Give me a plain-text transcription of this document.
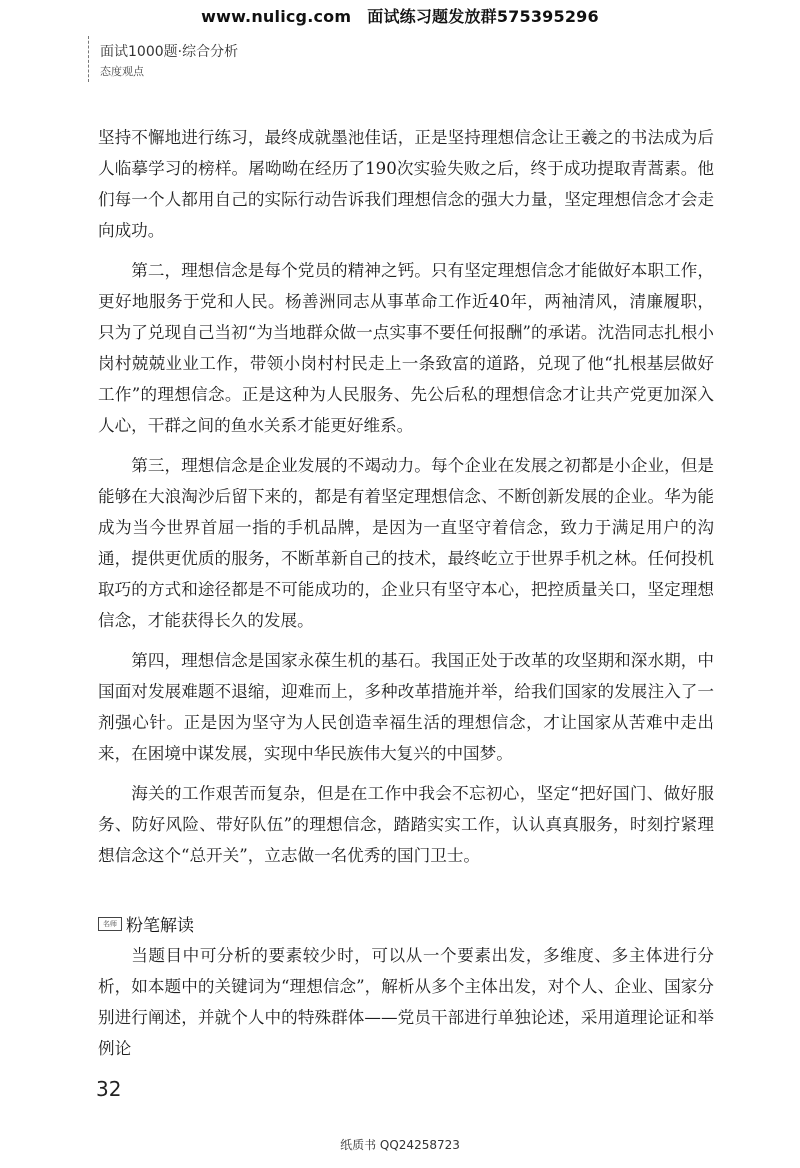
www.nulicg.com 面试练习题发放群575395296
面试1000题·综合分析
态度观点

坚持不懈地进行练习，最终成就墨池佳话，正是坚持理想信念让王羲之的书法成为后人临摹学习的榜样。屠呦呦在经历了190次实验失败之后，终于成功提取青蒿素。他们每一个人都用自己的实际行动告诉我们理想信念的强大力量，坚定理想信念才会走向成功。

第二，理想信念是每个党员的精神之钙。只有坚定理想信念才能做好本职工作，更好地服务于党和人民。杨善洲同志从事革命工作近40年，两袖清风，清廉履职，只为了兑现自己当初“为当地群众做一点实事不要任何报酬”的承诺。沈浩同志扎根小岗村兢兢业业工作，带领小岗村村民走上一条致富的道路，兑现了他“扎根基层做好工作”的理想信念。正是这种为人民服务、先公后私的理想信念才让共产党更加深入人心，干群之间的鱼水关系才能更好维系。

第三，理想信念是企业发展的不竭动力。每个企业在发展之初都是小企业，但是能够在大浪淘沙后留下来的，都是有着坚定理想信念、不断创新发展的企业。华为能成为当今世界首屈一指的手机品牌，是因为一直坚守着信念，致力于满足用户的沟通，提供更优质的服务，不断革新自己的技术，最终屹立于世界手机之林。任何投机取巧的方式和途径都是不可能成功的，企业只有坚守本心，把控质量关口，坚定理想信念，才能获得长久的发展。

第四，理想信念是国家永葆生机的基石。我国正处于改革的攻坚期和深水期，中国面对发展难题不退缩，迎难而上，多种改革措施并举，给我们国家的发展注入了一剂强心针。正是因为坚守为人民创造幸福生活的理想信念，才让国家从苦难中走出来，在困境中谋发展，实现中华民族伟大复兴的中国梦。

海关的工作艰苦而复杂，但是在工作中我会不忘初心，坚定“把好国门、做好服务、防好风险、带好队伍”的理想信念，踏踏实实工作，认认真真服务，时刻拧紧理想信念这个“总开关”，立志做一名优秀的国门卫士。

名师 粉笔解读

当题目中可分析的要素较少时，可以从一个要素出发，多维度、多主体进行分析，如本题中的关键词为“理想信念”，解析从多个主体出发，对个人、企业、国家分别进行阐述，并就个人中的特殊群体——党员干部进行单独论述，采用道理论证和举例论

32
纸质书 QQ24258723
